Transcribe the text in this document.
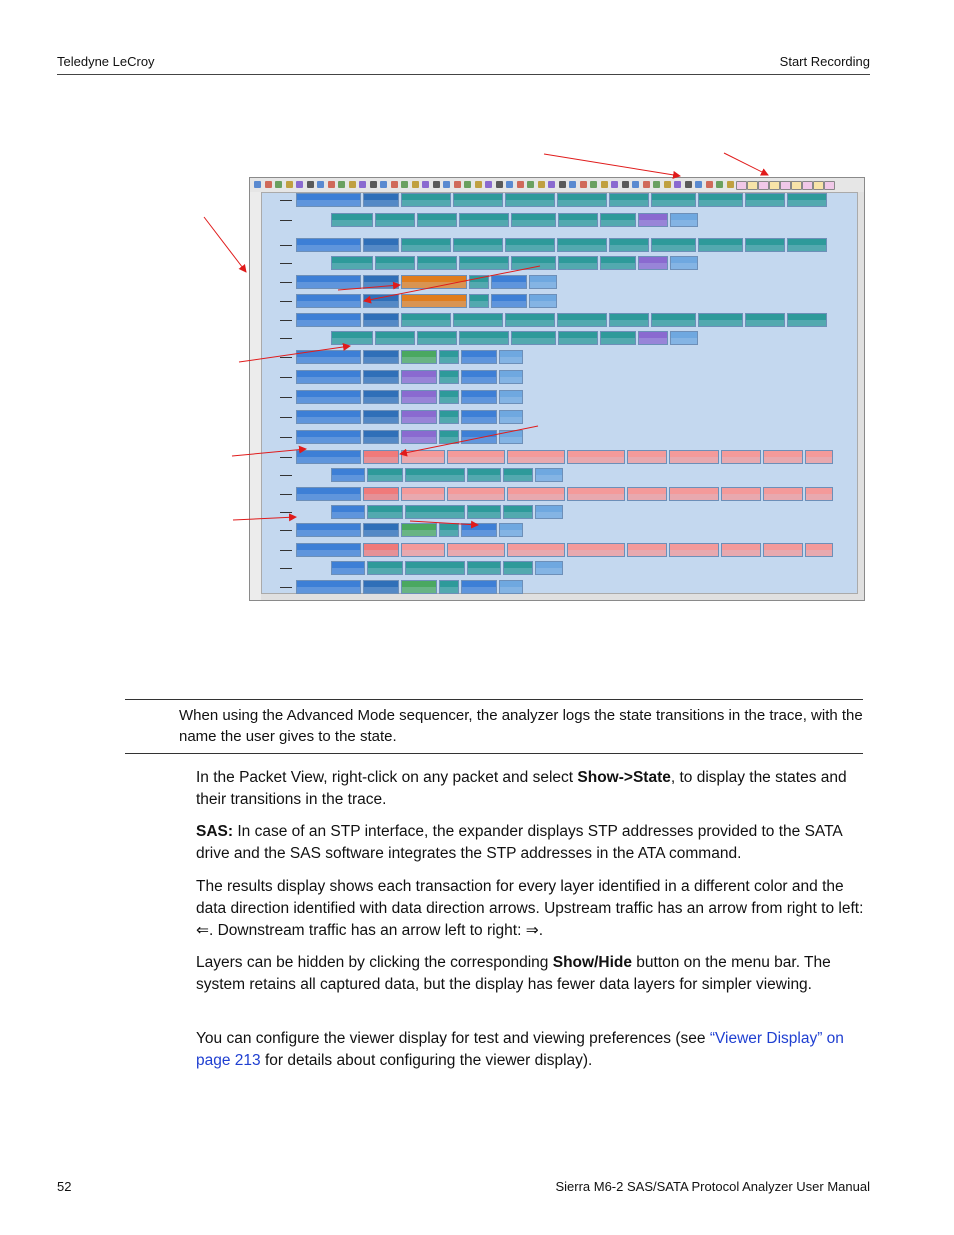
Teledyne LeCroy	Start Recording
When using the Advanced Mode sequencer, the analyzer logs the state transitions in the trace, with the name the user gives to the state.

In the Packet View, right-click on any packet and select Show->State, to display the states and their transitions in the trace.

SAS: In case of an STP interface, the expander displays STP addresses provided to the SATA drive and the SAS software integrates the STP addresses in the ATA command.

The results display shows each transaction for every layer identified in a different color and the data direction identified with data direction arrows. Upstream traffic has an arrow from right to left: ⇐. Downstream traffic has an arrow left to right: ⇒.

Layers can be hidden by clicking the corresponding Show/Hide button on the menu bar. The system retains all captured data, but the display has fewer data layers for simpler viewing.

You can configure the viewer display for test and viewing preferences (see “Viewer Display” on page 213 for details about configuring the viewer display).

52	Sierra M6-2 SAS/SATA Protocol Analyzer User Manual
